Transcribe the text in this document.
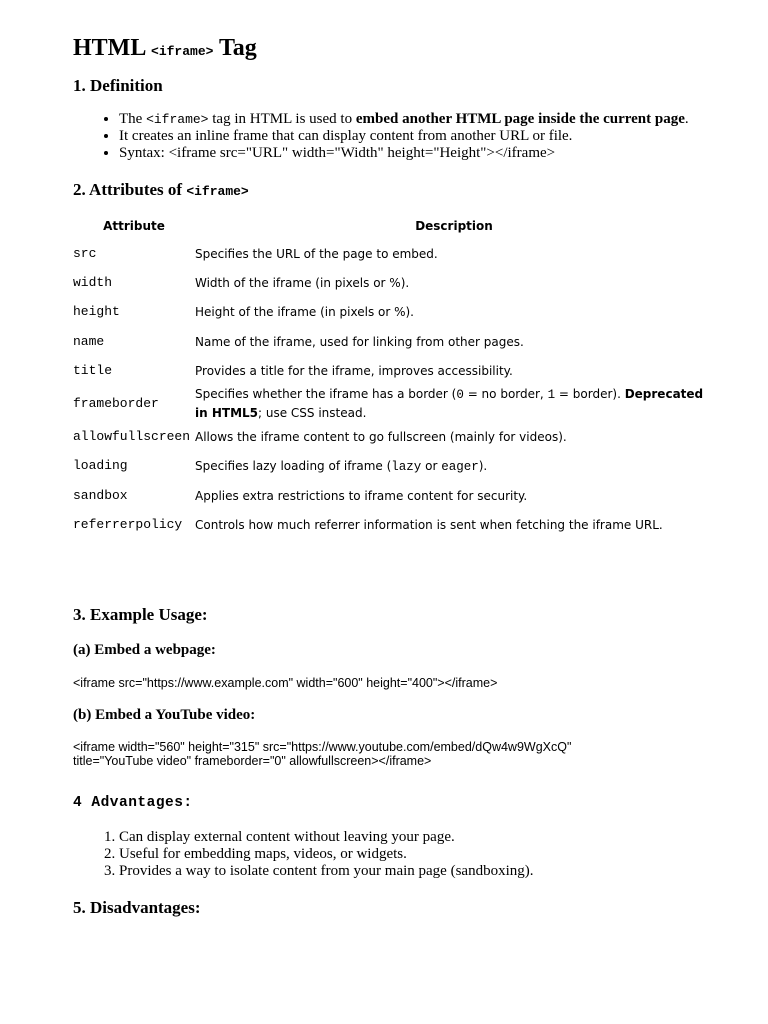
HTML <iframe> Tag
1. Definition
• The <iframe> tag in HTML is used to embed another HTML page inside the current page.
• It creates an inline frame that can display content from another URL or file.
• Syntax: <iframe src="URL" width="Width" height="Height"></iframe>
2. Attributes of <iframe>
Attribute	Description
src	Specifies the URL of the page to embed.
width	Width of the iframe (in pixels or %).
height	Height of the iframe (in pixels or %).
name	Name of the iframe, used for linking from other pages.
title	Provides a title for the iframe, improves accessibility.
frameborder	Specifies whether the iframe has a border (0 = no border, 1 = border). Deprecated in HTML5; use CSS instead.
allowfullscreen	Allows the iframe content to go fullscreen (mainly for videos).
loading	Specifies lazy loading of iframe (lazy or eager).
sandbox	Applies extra restrictions to iframe content for security.
referrerpolicy	Controls how much referrer information is sent when fetching the iframe URL.
3. Example Usage:
(a) Embed a webpage:
<iframe src="https://www.example.com" width="600" height="400"></iframe>
(b) Embed a YouTube video:
<iframe width="560" height="315" src="https://www.youtube.com/embed/dQw4w9WgXcQ" title="YouTube video" frameborder="0" allowfullscreen></iframe>
4 Advantages:
1. Can display external content without leaving your page.
2. Useful for embedding maps, videos, or widgets.
3. Provides a way to isolate content from your main page (sandboxing).
5. Disadvantages:
